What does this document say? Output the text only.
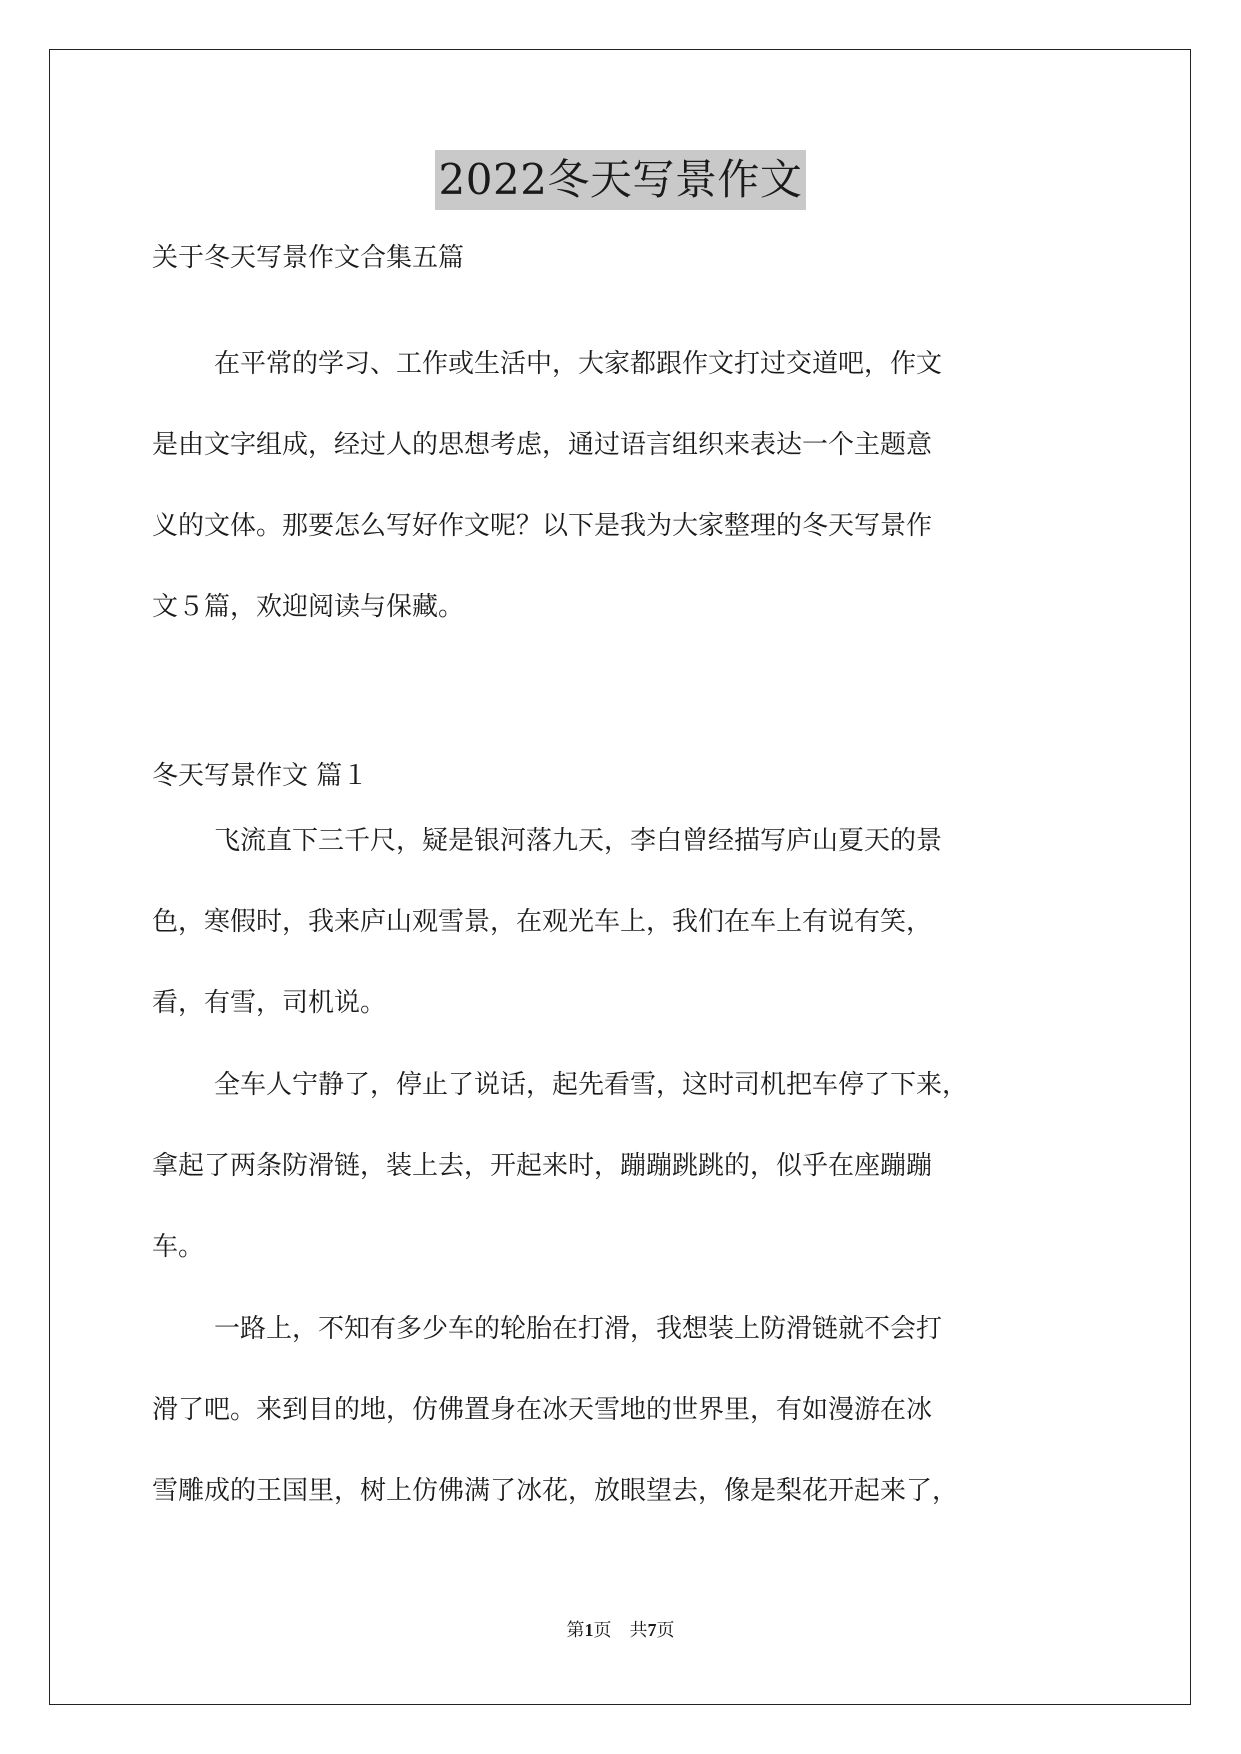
2022冬天写景作文
关于冬天写景作文合集五篇

在平常的学习、工作或生活中，大家都跟作文打过交道吧，作文

是由文字组成，经过人的思想考虑，通过语言组织来表达一个主题意

义的文体。那要怎么写好作文呢？以下是我为大家整理的冬天写景作

文５篇，欢迎阅读与保藏。

冬天写景作文 篇１

飞流直下三千尺，疑是银河落九天，李白曾经描写庐山夏天的景

色，寒假时，我来庐山观雪景，在观光车上，我们在车上有说有笑，

看，有雪，司机说。

全车人宁静了，停止了说话，起先看雪，这时司机把车停了下来，

拿起了两条防滑链，装上去，开起来时，蹦蹦跳跳的，似乎在座蹦蹦

车。

一路上，不知有多少车的轮胎在打滑，我想装上防滑链就不会打

滑了吧。来到目的地，仿佛置身在冰天雪地的世界里，有如漫游在冰

雪雕成的王国里，树上仿佛满了冰花，放眼望去，像是梨花开起来了，

第1页 共7页
